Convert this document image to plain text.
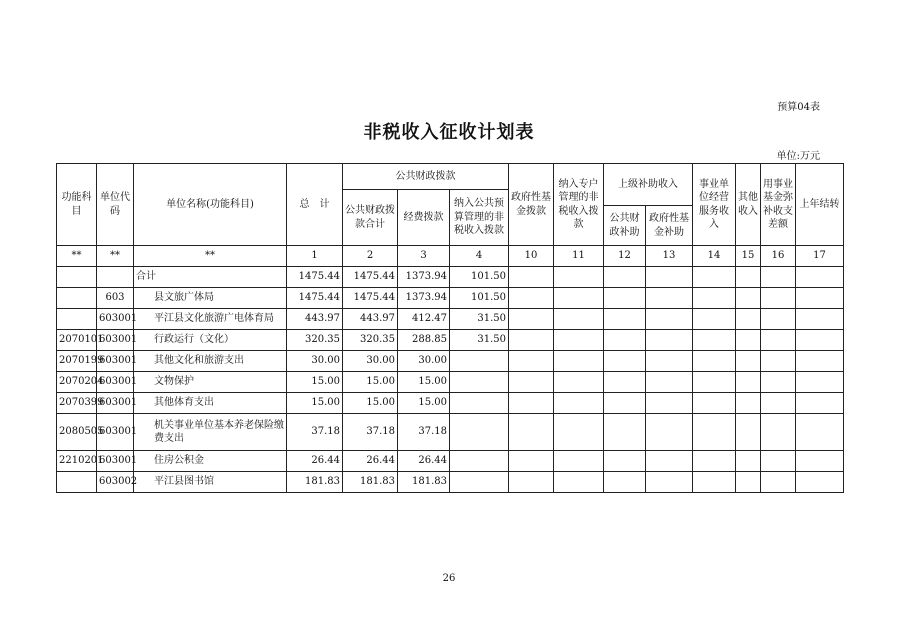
预算04表
非税收入征收计划表
单位:万元
功能科目	单位代码	单位名称(功能科目)	总　计	公共财政拨款			政府性基金拨款	纳入专户管理的非税收入拨款	上级补助收入		事业单位经营服务收入	其他收入	用事业基金弥补收支差额	上年结转
				公共财政拨款合计	经费拨款	纳入公共预算管理的非税收入拨款								
									公共财政补助	政府性基金补助				
**	**	**	1	2	3	4	10	11	12	13	14	15	16	17
		合计	1475.44	1475.44	1373.94	101.50								
	603	县文旅广体局	1475.44	1475.44	1373.94	101.50								
	603001	平江县文化旅游广电体育局	443.97	443.97	412.47	31.50								
2070101	603001	行政运行（文化）	320.35	320.35	288.85	31.50								
2070199	603001	其他文化和旅游支出	30.00	30.00	30.00									
2070204	603001	文物保护	15.00	15.00	15.00									
2070399	603001	其他体育支出	15.00	15.00	15.00									
2080505	603001	机关事业单位基本养老保险缴费支出	37.18	37.18	37.18									
2210201	603001	住房公积金	26.44	26.44	26.44									
	603002	平江县图书馆	181.83	181.83	181.83									
26
